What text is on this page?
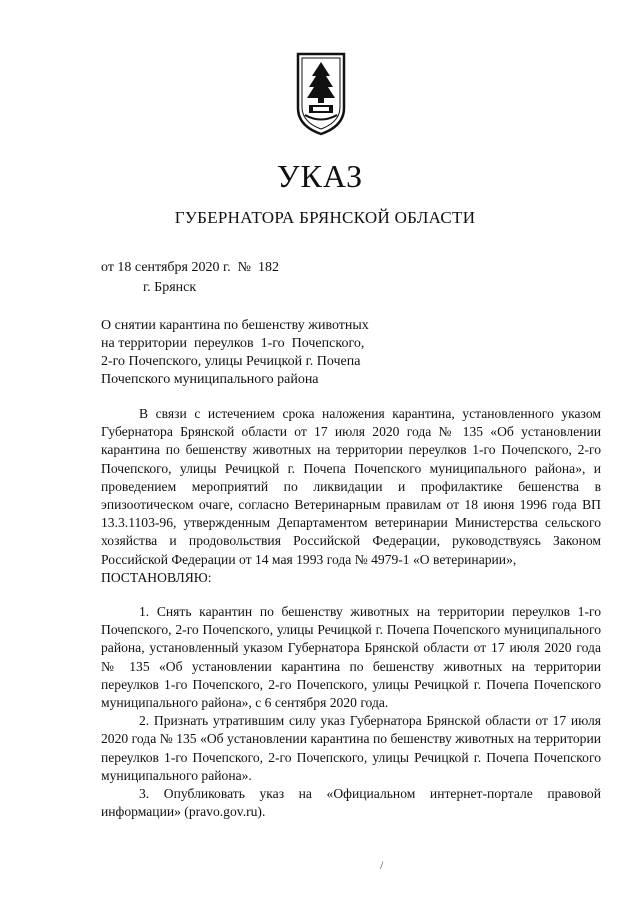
УКАЗ
ГУБЕРНАТОРА БРЯНСКОЙ ОБЛАСТИ
от 18 сентября 2020 г.  №  182
г. Брянск
О снятии карантина по бешенству животных
на территории  переулков  1-го  Почепского,
2-го Почепского, улицы Речицкой г. Почепа
Почепского муниципального района

В связи с истечением срока наложения карантина, установленного указом Губернатора Брянской области от 17 июля 2020 года № 135 «Об установлении карантина по бешенству животных на территории переулков 1-го Почепского, 2-го Почепского, улицы Речицкой г. Почепа Почепского муниципального района», и проведением мероприятий по ликвидации и профилактике бешенства в эпизоотическом очаге, согласно Ветеринарным правилам от 18 июня 1996 года ВП 13.3.1103-96, утвержденным Департаментом ветеринарии Министерства сельского хозяйства и продовольствия Российской Федерации, руководствуясь Законом Российской Федерации от 14 мая 1993 года № 4979-1 «О ветеринарии»,

ПОСТАНОВЛЯЮ:

1. Снять карантин по бешенству животных на территории переулков 1-го Почепского, 2-го Почепского, улицы Речицкой г. Почепа Почепского муниципального района, установленный указом Губернатора Брянской области от 17 июля 2020 года № 135 «Об установлении карантина по бешенству животных на территории переулков 1-го Почепского, 2-го Почепского, улицы Речицкой г. Почепа Почепского муниципального района», с 6 сентября 2020 года.

2. Признать утратившим силу указ Губернатора Брянской области от 17 июля 2020 года № 135 «Об установлении карантина по бешенству животных на территории переулков 1-го Почепского, 2-го Почепского, улицы Речицкой г. Почепа Почепского муниципального района».

3. Опубликовать указ на «Официальном интернет-портале правовой информации» (pravo.gov.ru).

/
